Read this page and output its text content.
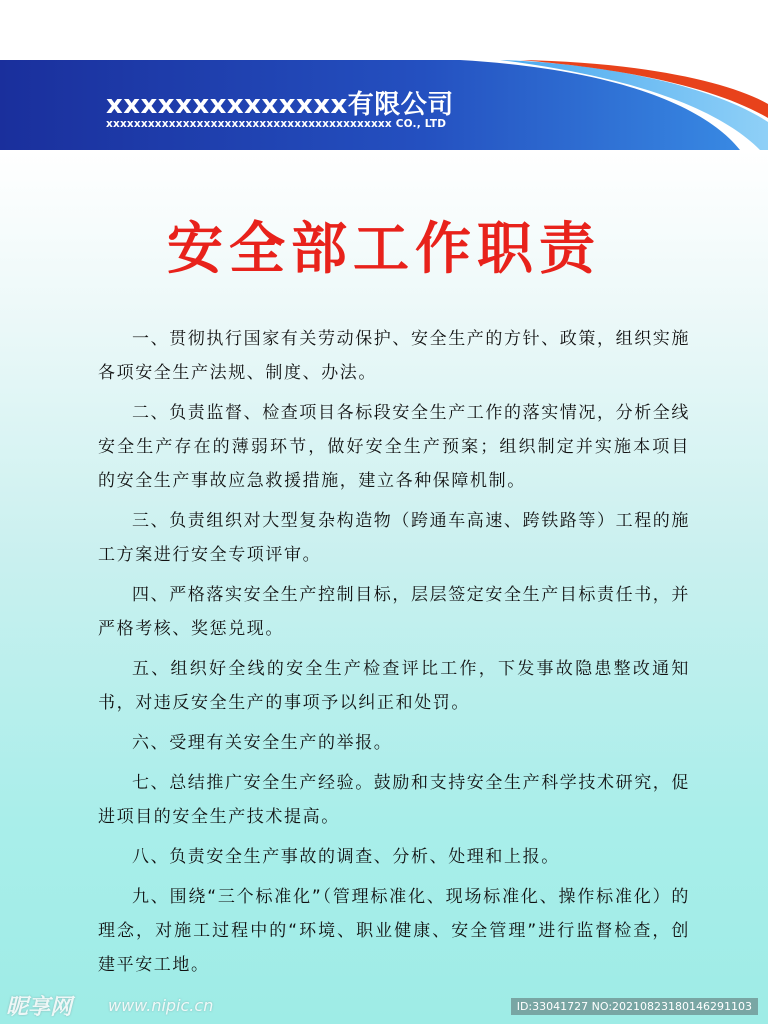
xxxxxxxxxxxxxx有限公司

xxxxxxxxxxxxxxxxxxxxxxxxxxxxxxxxxxxxxxxxx CO., LTD

安全部工作职责

一、贯彻执行国家有关劳动保护、安全生产的方针、政策，组织实施各项安全生产法规、制度、办法。

二、负责监督、检查项目各标段安全生产工作的落实情况，分析全线安全生产存在的薄弱环节，做好安全生产预案；组织制定并实施本项目的安全生产事故应急救援措施，建立各种保障机制。

三、负责组织对大型复杂构造物（跨通车高速、跨铁路等）工程的施工方案进行安全专项评审。

四、严格落实安全生产控制目标，层层签定安全生产目标责任书，并严格考核、奖惩兑现。

五、组织好全线的安全生产检查评比工作，下发事故隐患整改通知书，对违反安全生产的事项予以纠正和处罚。

六、受理有关安全生产的举报。

七、总结推广安全生产经验。鼓励和支持安全生产科学技术研究，促进项目的安全生产技术提高。

八、负责安全生产事故的调查、分析、处理和上报。

九、围绕“三个标准化”（管理标准化、现场标准化、操作标准化）的理念，对施工过程中的“环境、职业健康、安全管理”进行监督检查，创建平安工地。

昵享网 www.nipic.cn	ID:33041727 NO:20210823180146291103
